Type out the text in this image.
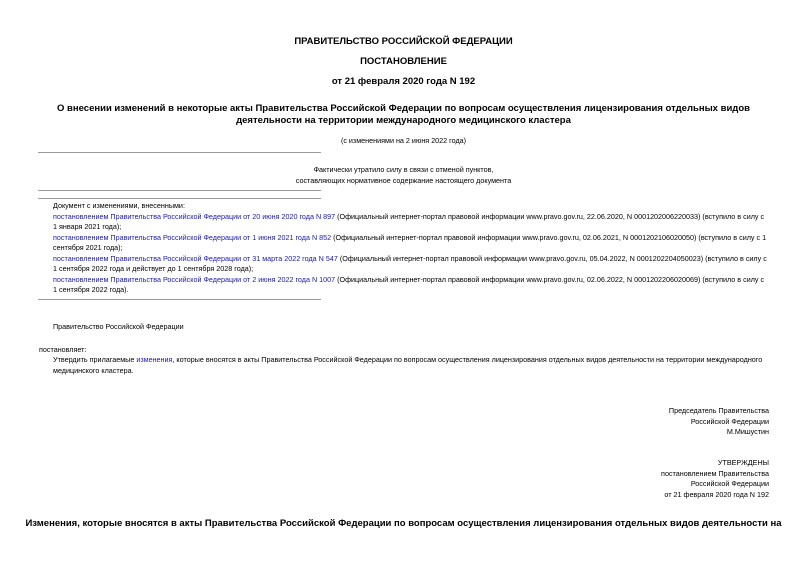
ПРАВИТЕЛЬСТВО РОССИЙСКОЙ ФЕДЕРАЦИИ
ПОСТАНОВЛЕНИЕ
от 21 февраля 2020 года N 192
О внесении изменений в некоторые акты Правительства Российской Федерации по вопросам осуществления лицензирования отдельных видов деятельности на территории международного медицинского кластера
(с изменениями на 2 июня 2022 года)

Фактически утратило силу в связи с отменой пунктов,

составляющих нормативное содержание настоящего документа

Документ с изменениями, внесенными:

постановлением Правительства Российской Федерации от 20 июня 2020 года N 897 (Официальный интернет-портал правовой информации www.pravo.gov.ru, 22.06.2020, N 0001202006220033) (вступило в силу с 1 января 2021 года);

постановлением Правительства Российской Федерации от 1 июня 2021 года N 852 (Официальный интернет-портал правовой информации www.pravo.gov.ru, 02.06.2021, N 0001202106020050) (вступило в силу с 1 сентября 2021 года);

постановлением Правительства Российской Федерации от 31 марта 2022 года N 547 (Официальный интернет-портал правовой информации www.pravo.gov.ru, 05.04.2022, N 0001202204050023) (вступило в силу с 1 сентября 2022 года и действует до 1 сентября 2028 года);

постановлением Правительства Российской Федерации от 2 июня 2022 года N 1007 (Официальный интернет-портал правовой информации www.pravo.gov.ru, 02.06.2022, N 0001202206020069) (вступило в силу с 1 сентября 2022 года).

Правительство Российской Федерации
постановляет:

Утвердить прилагаемые изменения, которые вносятся в акты Правительства Российской Федерации по вопросам осуществления лицензирования отдельных видов деятельности на территории международного медицинского кластера.

Председатель Правительства

Российской Федерации

М.Мишустин

УТВЕРЖДЕНЫ

постановлением Правительства

Российской Федерации

от 21 февраля 2020 года N 192

Изменения, которые вносятся в акты Правительства Российской Федерации по вопросам осуществления лицензирования отдельных видов деятельности на
